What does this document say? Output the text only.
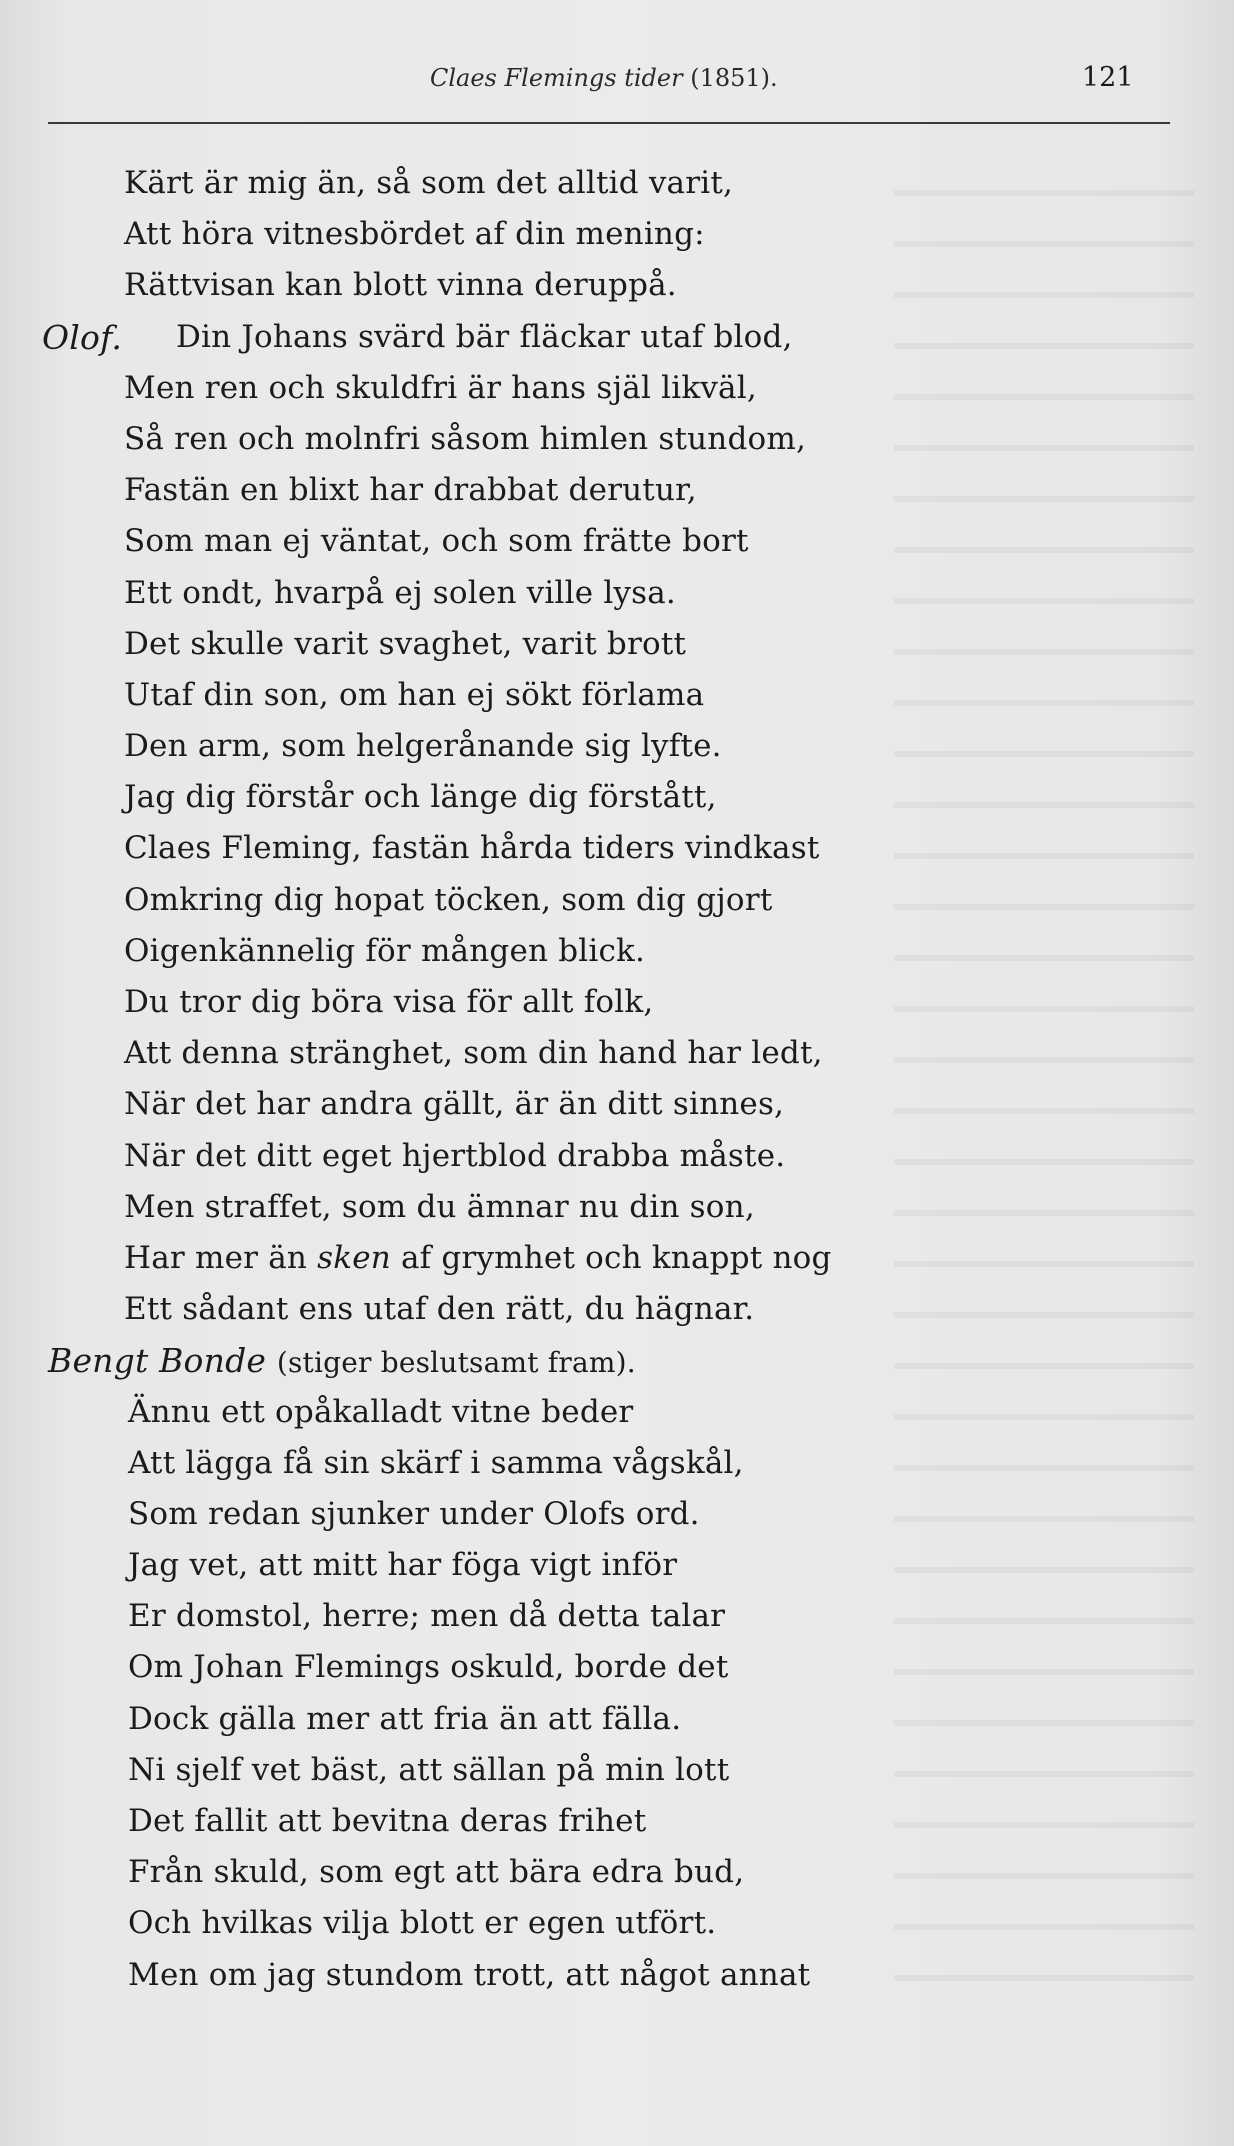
Claes Flemings tider (1851).	121
Kärt är mig än, så som det alltid varit,
Att höra vitnesbördet af din mening:
Rättvisan kan blott vinna deruppå.
Olof. Din Johans svärd bär fläckar utaf blod,
Men ren och skuldfri är hans själ likväl,
Så ren och molnfri såsom himlen stundom,
Fastän en blixt har drabbat derutur,
Som man ej väntat, och som frätte bort
Ett ondt, hvarpå ej solen ville lysa.
Det skulle varit svaghet, varit brott
Utaf din son, om han ej sökt förlama
Den arm, som helgerånande sig lyfte.
Jag dig förstår och länge dig förstått,
Claes Fleming, fastän hårda tiders vindkast
Omkring dig hopat töcken, som dig gjort
Oigenkännelig för mången blick.
Du tror dig böra visa för allt folk,
Att denna stränghet, som din hand har ledt,
När det har andra gällt, är än ditt sinnes,
När det ditt eget hjertblod drabba måste.
Men straffet, som du ämnar nu din son,
Har mer än sken af grymhet och knappt nog
Ett sådant ens utaf den rätt, du hägnar.
Bengt Bonde (stiger beslutsamt fram).
Ännu ett opåkalladt vitne beder
Att lägga få sin skärf i samma vågskål,
Som redan sjunker under Olofs ord.
Jag vet, att mitt har föga vigt inför
Er domstol, herre; men då detta talar
Om Johan Flemings oskuld, borde det
Dock gälla mer att fria än att fälla.
Ni sjelf vet bäst, att sällan på min lott
Det fallit att bevitna deras frihet
Från skuld, som egt att bära edra bud,
Och hvilkas vilja blott er egen utfört.
Men om jag stundom trott, att något annat
